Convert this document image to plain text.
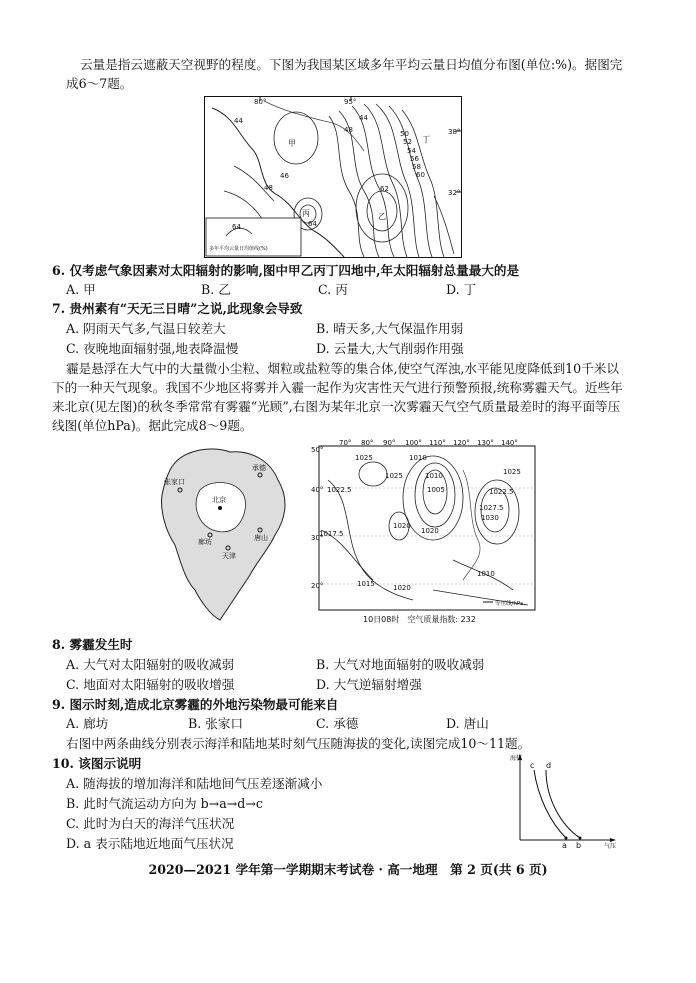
云量是指云遮蔽天空视野的程度。下图为我国某区域多年平均云量日均值分布图(单位:%)。据图完成6～7题。
80°	95°
38°
32°
甲
乙
丙
丁
44
48	50
52
54
56
58
60
62
46
48
64
44
64
多年平均云量日均值线(%)
6. 仅考虑气象因素对太阳辐射的影响,图中甲乙丙丁四地中,年太阳辐射总量最大的是
A. 甲	B. 乙	C. 丙	D. 丁
7. 贵州素有“天无三日晴”之说,此现象会导致
A. 阴雨天气多,气温日较差大	B. 晴天多,大气保温作用弱
C. 夜晚地面辐射强,地表降温慢	D. 云量大,大气削弱作用强
霾是悬浮在大气中的大量微小尘粒、烟粒或盐粒等的集合体,使空气浑浊,水平能见度降低到10千米以下的一种天气现象。我国不少地区将雾并入霾一起作为灾害性天气进行预警预报,统称雾霾天气。近些年来北京(见左图)的秋冬季常常有雾霾“光顾”,右图为某年北京一次雾霾天气空气质量最差时的海平面等压线图(单位hPa)。据此完成8～9题。
张家口
北京
承德
廊坊	唐山
天津
70° 80° 90° 100° 110° 120° 130° 140°
50°
40°
30°
20°
1025
1022.5
1025	1010
1005
1010
1020
1017.5
1020
1015	1020
1022.5
1027.5
1030
1025
1010
等压线/hPa
10日08时　空气质量指数: 232
8. 雾霾发生时
A. 大气对太阳辐射的吸收减弱	B. 大气对地面辐射的吸收减弱
C. 地面对太阳辐射的吸收增强	D. 大气逆辐射增强
9. 图示时刻,造成北京雾霾的外地污染物最可能来自
A. 廊坊	B. 张家口	C. 承德	D. 唐山
右图中两条曲线分别表示海洋和陆地某时刻气压随海拔的变化,读图完成10～11题。
10. 该图示说明
A. 随海拔的增加海洋和陆地间气压差逐渐减小
B. 此时气流运动方向为 b→a→d→c
C. 此时为白天的海洋气压状况
D. a 表示陆地近地面气压状况
海拔
c d
a b	气压
2020—2021 学年第一学期期末考试卷 · 高一地理　第 2 页(共 6 页)
